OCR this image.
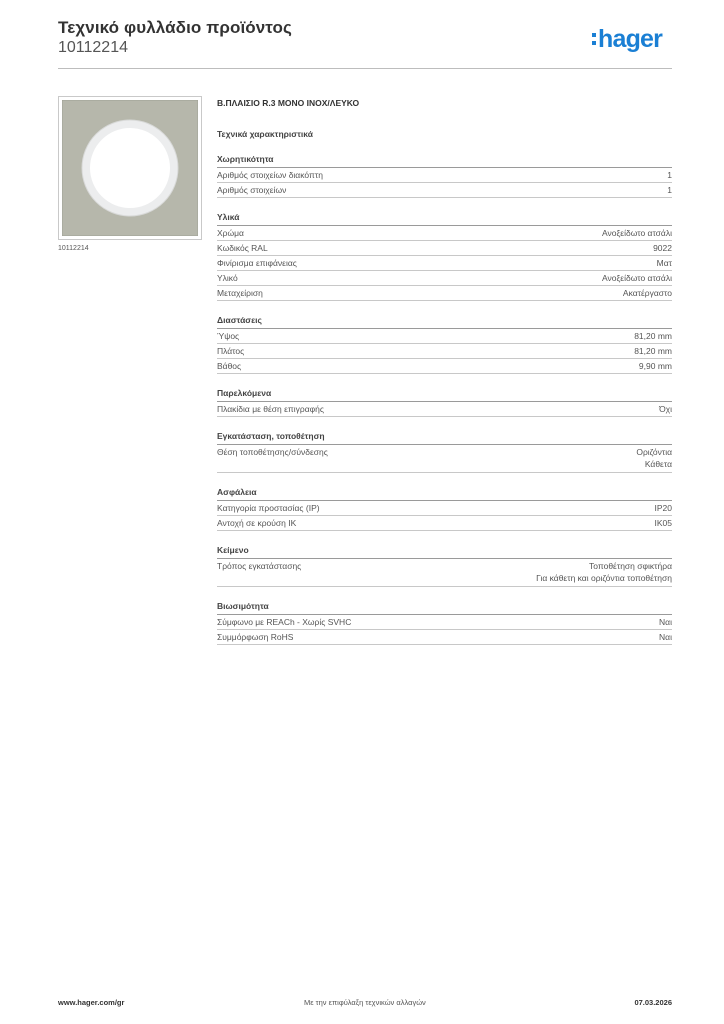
Τεχνικό φυλλάδιο προϊόντος
10112214	hager
10112214
Β.ΠΛΑΙΣΙΟ R.3 ΜΟΝΟ INOX/ΛΕΥΚΟ
Τεχνικά χαρακτηριστικά
Χωρητικότητα
Αριθμός στοιχείων διακόπτη	1
Αριθμός στοιχείων	1
Υλικά
Χρώμα	Ανοξείδωτο ατσάλι
Κωδικός RAL	9022
Φινίρισμα επιφάνειας	Ματ
Υλικό	Ανοξείδωτο ατσάλι
Μεταχείριση	Ακατέργαστο
Διαστάσεις
Ύψος	81,20 mm
Πλάτος	81,20 mm
Βάθος	9,90 mm
Παρελκόμενα
Πλακίδια με θέση επιγραφής	Όχι
Εγκατάσταση, τοποθέτηση
Θέση τοποθέτησης/σύνδεσης	Οριζόντια
Κάθετα
Ασφάλεια
Κατηγορία προστασίας (IP)	IP20
Αντοχή σε κρούση IK	IK05
Κείμενο
Τρόπος εγκατάστασης	Τοποθέτηση σφικτήρα
Για κάθετη και οριζόντια τοποθέτηση
Βιωσιμότητα
Σύμφωνο με REACh - Χωρίς SVHC	Ναι
Συμμόρφωση RoHS	Ναι
www.hager.com/gr	Με την επιφύλαξη τεχνικών αλλαγών	07.03.2026
